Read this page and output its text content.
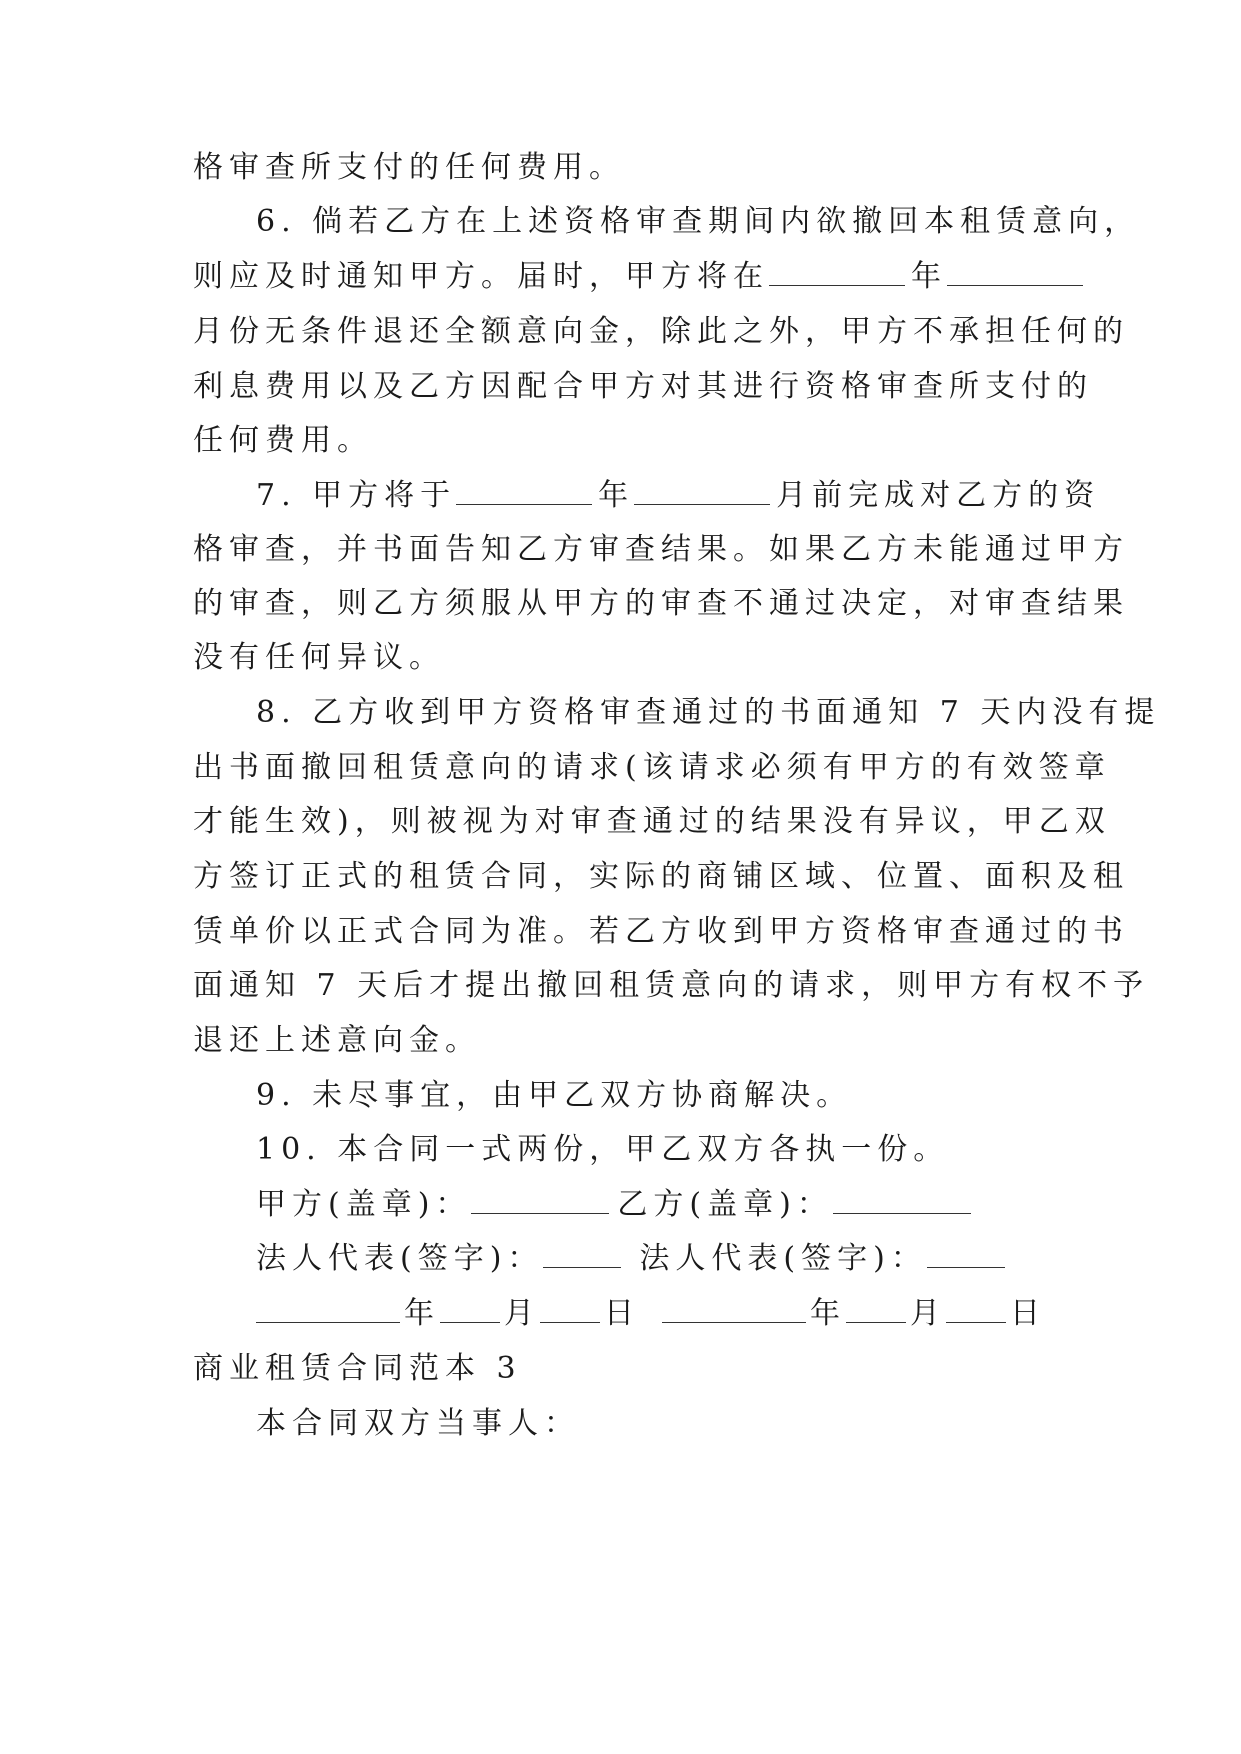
格审查所支付的任何费用。
6. 倘若乙方在上述资格审查期间内欲撤回本租赁意向，
则应及时通知甲方。届时，甲方将在	年
月份无条件退还全额意向金，除此之外，甲方不承担任何的
利息费用以及乙方因配合甲方对其进行资格审查所支付的
任何费用。
7. 甲方将于	年	月前完成对乙方的资
格审查，并书面告知乙方审查结果。如果乙方未能通过甲方
的审查，则乙方须服从甲方的审查不通过决定，对审查结果
没有任何异议。
8. 乙方收到甲方资格审查通过的书面通知 7 天内没有提
出书面撤回租赁意向的请求(该请求必须有甲方的有效签章
才能生效)，则被视为对审查通过的结果没有异议，甲乙双
方签订正式的租赁合同，实际的商铺区域、位置、面积及租
赁单价以正式合同为准。若乙方收到甲方资格审查通过的书
面通知 7 天后才提出撤回租赁意向的请求，则甲方有权不予
退还上述意向金。
9. 未尽事宜，由甲乙双方协商解决。
10. 本合同一式两份，甲乙双方各执一份。
甲方(盖章)：	乙方(盖章)：
法人代表(签字)：	法人代表(签字)：
年 月 日	年 月 日
商业租赁合同范本 3
本合同双方当事人：
